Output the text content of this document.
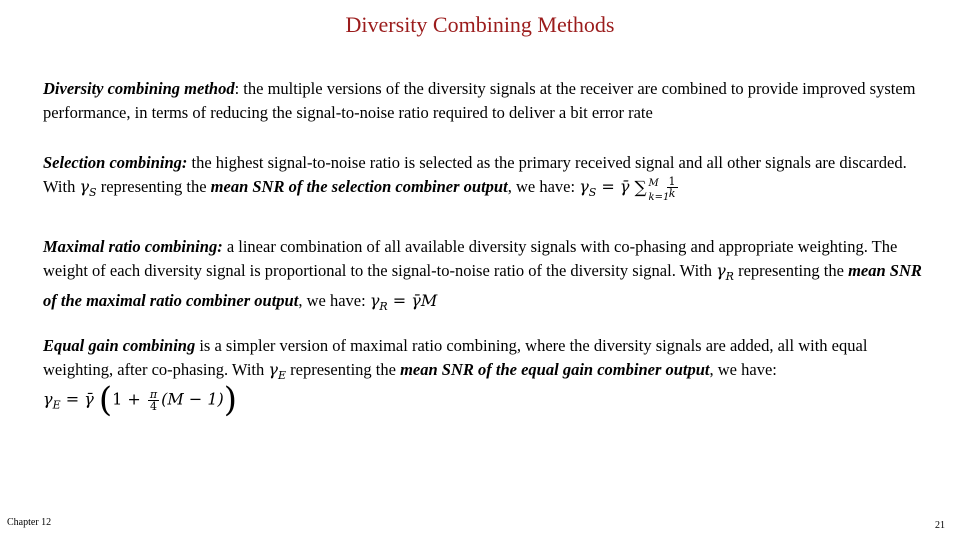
Diversity Combining Methods

Diversity combining method: the multiple versions of the diversity signals at the receiver are combined to provide improved system performance, in terms of reducing the signal-to-noise ratio required to deliver a bit error rate

Selection combining: the highest signal-to-noise ratio is selected as the primary received signal and all other signals are discarded. With $\gamma_S$ representing the mean SNR of the selection combiner output, we have: $\gamma_S$ = γ̄ ∑ M
k=1
$\frac{1}{k}$

Maximal ratio combining: a linear combination of all available diversity signals with co-phasing and appropriate weighting. The weight of each diversity signal is proportional to the signal-to-noise ratio of the diversity signal. With $\gamma_R$ representing the mean SNR of the maximal ratio combiner output, we have: $\gamma_R$ = γ̄M

Equal gain combining is a simpler version of maximal ratio combining, where the diversity signals are added, all with equal weighting, after co-phasing. With $\gamma_E$ representing the mean SNR of the equal gain combiner output, we have:

$\gamma_E$ = γ̄ $(1 + \frac{\pi}{4} (M - 1))$
Chapter 12	21
